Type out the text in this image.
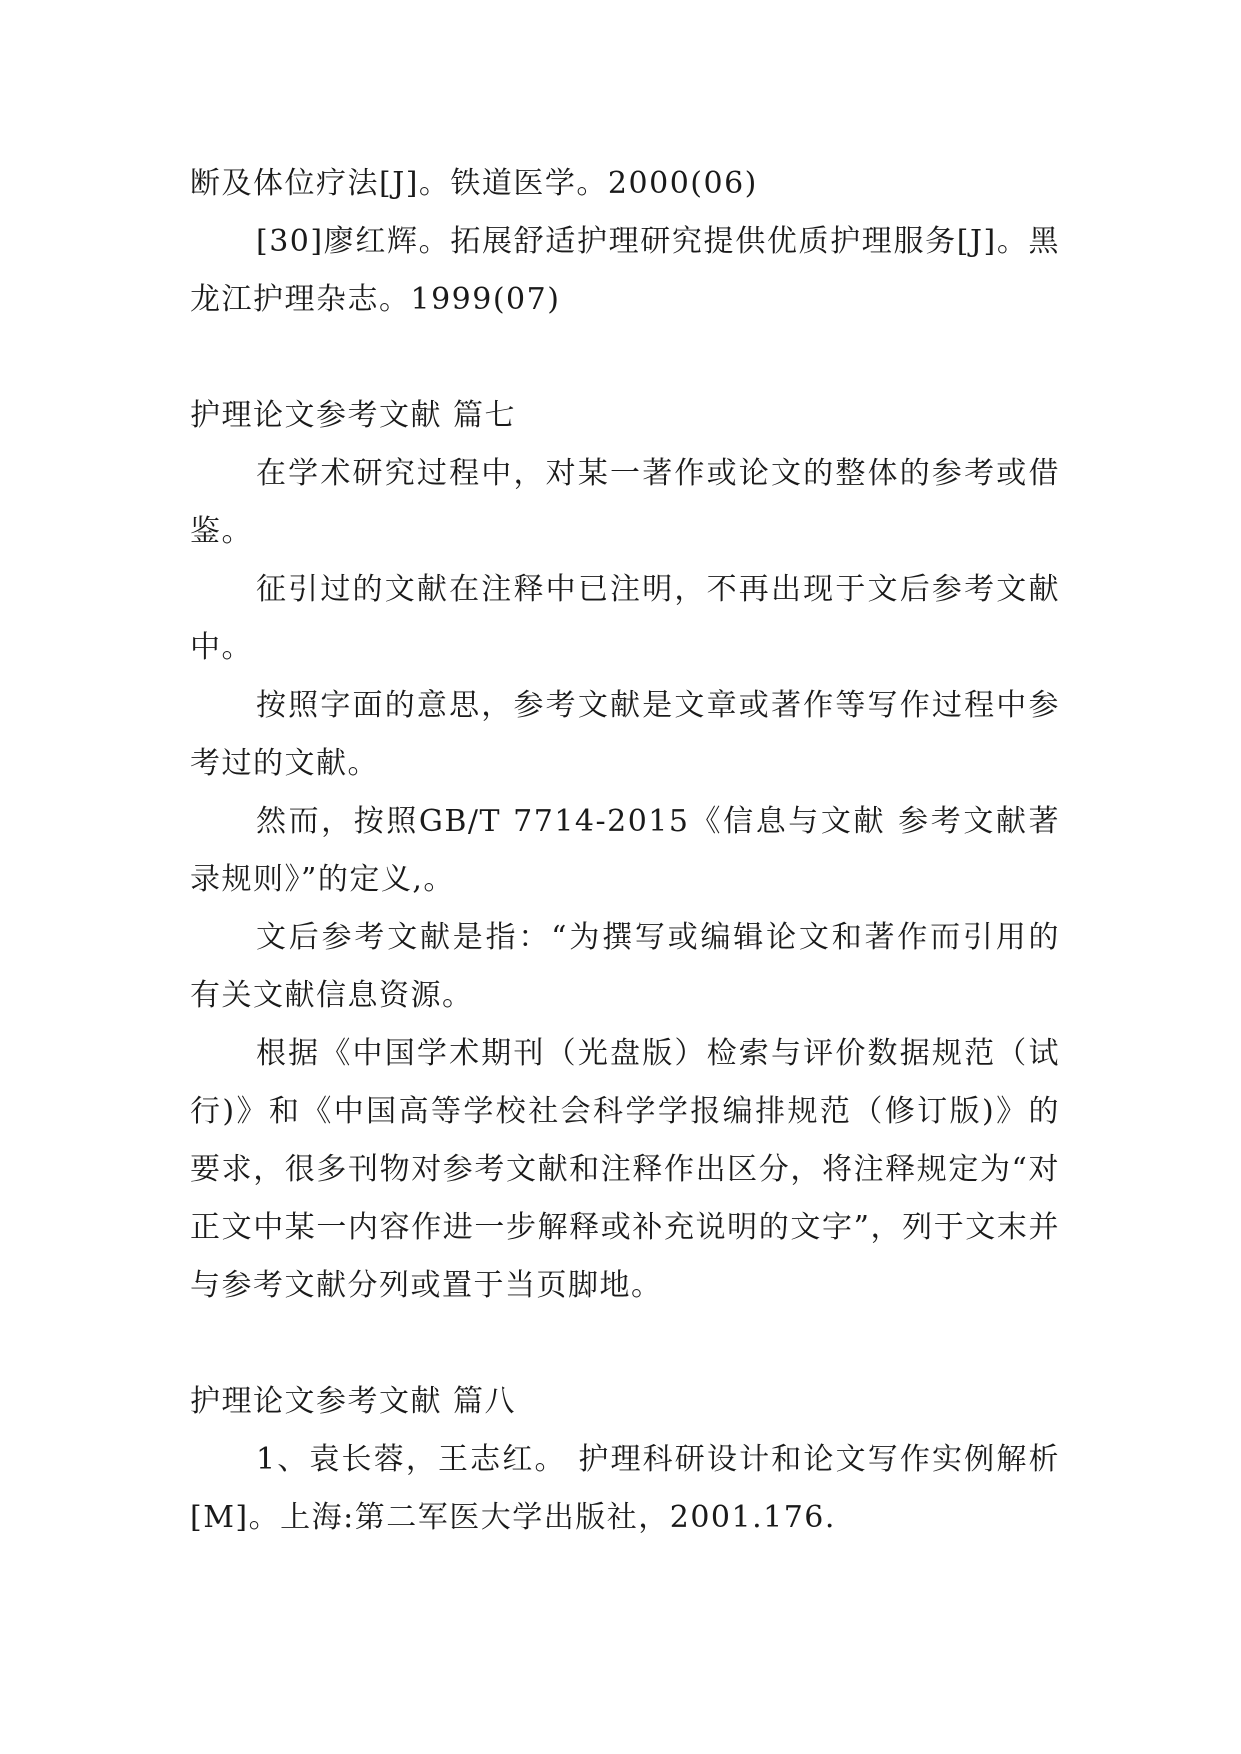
断及体位疗法[J]。铁道医学。2000(06)

[30]廖红辉。拓展舒适护理研究提供优质护理服务[J]。黑龙江护理杂志。1999(07)

护理论文参考文献 篇七

在学术研究过程中，对某一著作或论文的整体的参考或借鉴。

征引过的文献在注释中已注明，不再出现于文后参考文献中。

按照字面的意思，参考文献是文章或著作等写作过程中参考过的文献。

然而，按照GB/T 7714-2015《信息与文献 参考文献著录规则》”的定义,。

文后参考文献是指：“为撰写或编辑论文和著作而引用的有关文献信息资源。

根据《中国学术期刊（光盘版）检索与评价数据规范（试行)》和《中国高等学校社会科学学报编排规范（修订版)》的要求，很多刊物对参考文献和注释作出区分，将注释规定为“对正文中某一内容作进一步解释或补充说明的文字”，列于文末并与参考文献分列或置于当页脚地。

护理论文参考文献 篇八

1、袁长蓉，王志红。 护理科研设计和论文写作实例解析[M]。上海:第二军医大学出版社，2001.176.
